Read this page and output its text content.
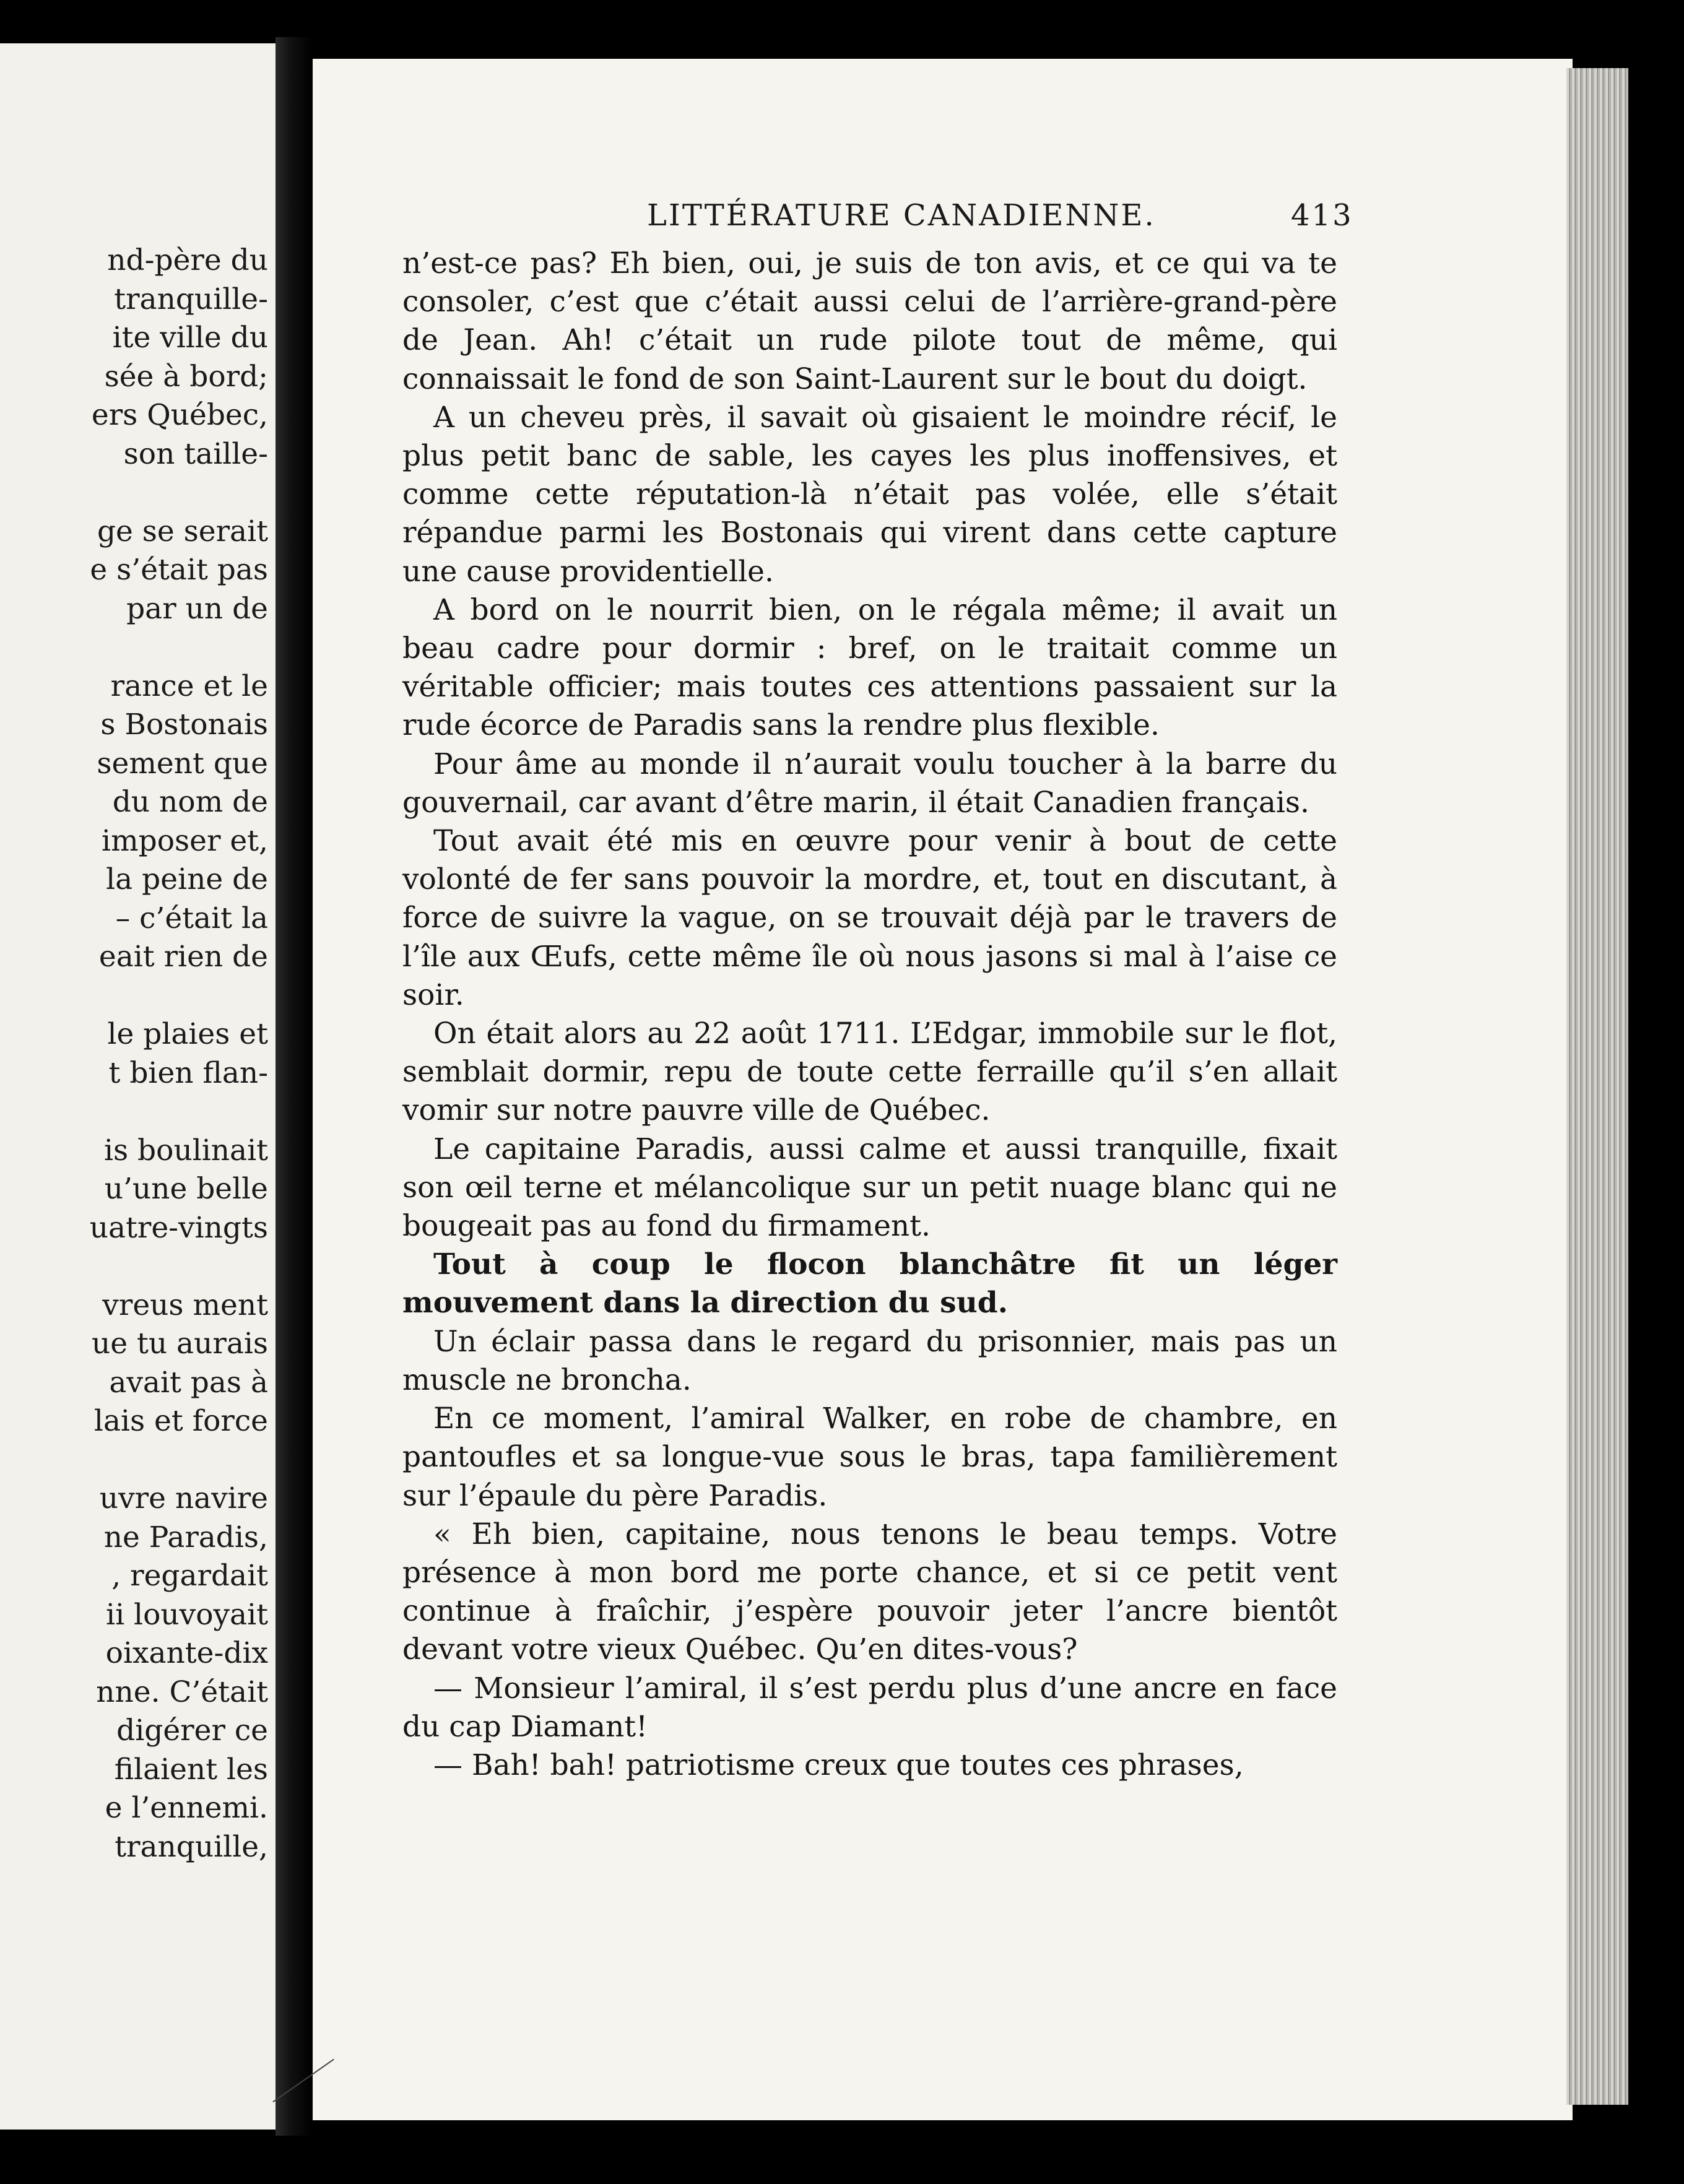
nd-père du
tranquille-
ite ville du
sée à bord;
ers Québec,
son taille-
ge se serait
e s’était pas
par un de
rance et le
s Bostonais
sement que
du nom de
imposer et,
la peine de
– c’était la
eait rien de
le plaies et
t bien flan-
is boulinait
u’une belle
uatre-vingts
vreus ment
ue tu aurais
avait pas à
lais et force
uvre navire
ne Paradis,
, regardait
ii louvoyait
oixante-dix
nne. C’était
digérer ce
filaient les
e l’ennemi.
tranquille,
LITTÉRATURE CANADIENNE.	413

n’est-ce pas? Eh bien, oui, je suis de ton avis, et ce qui va te consoler, c’est que c’était aussi celui de l’arrière-grand-père de Jean. Ah! c’était un rude pilote tout de même, qui connaissait le fond de son Saint-Laurent sur le bout du doigt.

A un cheveu près, il savait où gisaient le moindre récif, le plus petit banc de sable, les cayes les plus inoffensives, et comme cette réputation-là n’était pas volée, elle s’était répandue parmi les Bostonais qui virent dans cette capture une cause providentielle.

A bord on le nourrit bien, on le régala même; il avait un beau cadre pour dormir : bref, on le traitait comme un véritable officier; mais toutes ces attentions passaient sur la rude écorce de Paradis sans la rendre plus flexible.

Pour âme au monde il n’aurait voulu toucher à la barre du gouvernail, car avant d’être marin, il était Canadien français.

Tout avait été mis en œuvre pour venir à bout de cette volonté de fer sans pouvoir la mordre, et, tout en discutant, à force de suivre la vague, on se trouvait déjà par le travers de l’île aux Œufs, cette même île où nous jasons si mal à l’aise ce soir.

On était alors au 22 août 1711. L’Edgar, immobile sur le flot, semblait dormir, repu de toute cette ferraille qu’il s’en allait vomir sur notre pauvre ville de Québec.

Le capitaine Paradis, aussi calme et aussi tranquille, fixait son œil terne et mélancolique sur un petit nuage blanc qui ne bougeait pas au fond du firmament.

Tout à coup le flocon blanchâtre fit un léger mouvement dans la direction du sud.

Un éclair passa dans le regard du prisonnier, mais pas un muscle ne broncha.

En ce moment, l’amiral Walker, en robe de chambre, en pantoufles et sa longue-vue sous le bras, tapa familièrement sur l’épaule du père Paradis.

« Eh bien, capitaine, nous tenons le beau temps. Votre présence à mon bord me porte chance, et si ce petit vent continue à fraîchir, j’espère pouvoir jeter l’ancre bientôt devant votre vieux Québec. Qu’en dites-vous?

— Monsieur l’amiral, il s’est perdu plus d’une ancre en face du cap Diamant!

— Bah! bah! patriotisme creux que toutes ces phrases,
